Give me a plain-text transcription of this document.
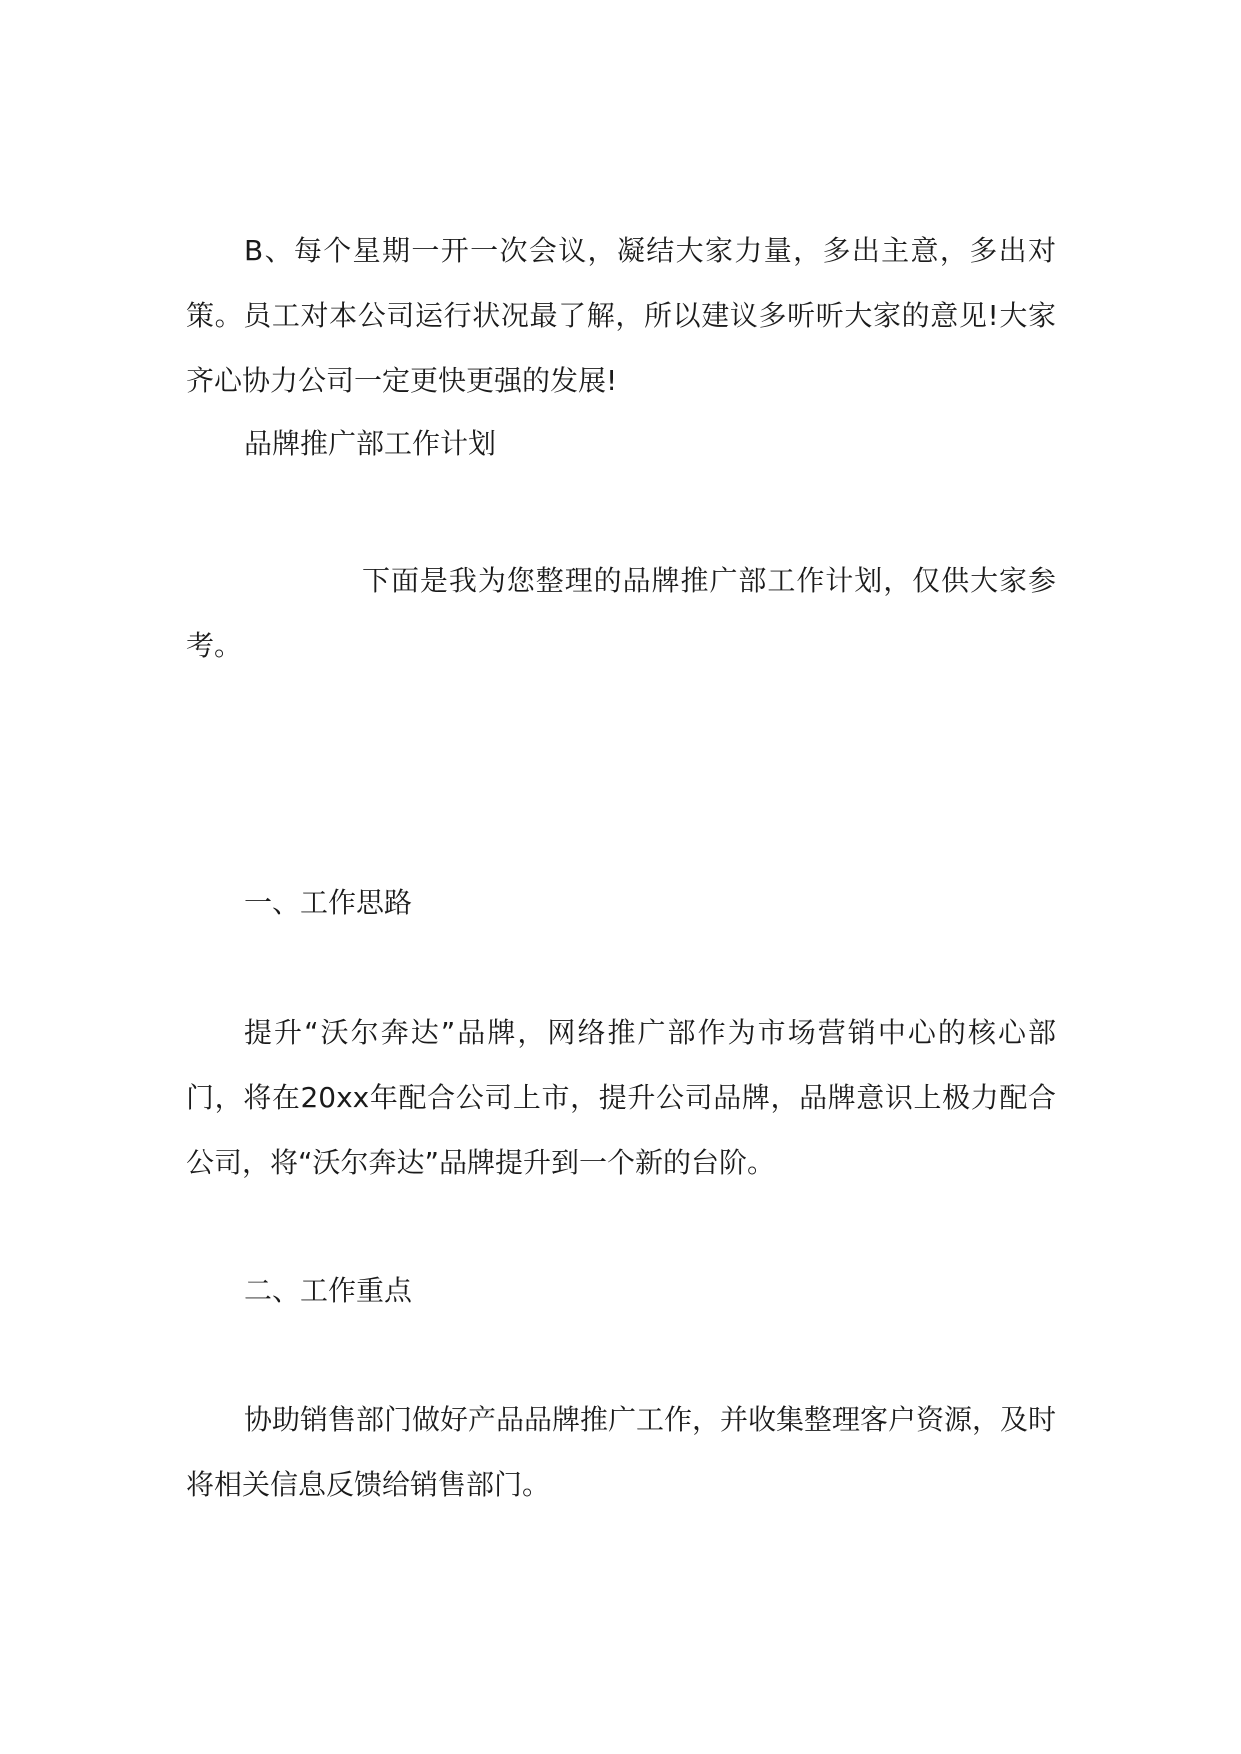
B、每个星期一开一次会议，凝结大家力量，多出主意，多出对策。员工对本公司运行状况最了解，所以建议多听听大家的意见!大家齐心协力公司一定更快更强的发展!

品牌推广部工作计划

下面是我为您整理的品牌推广部工作计划，仅供大家参考。

一、工作思路

提升“沃尔奔达”品牌，网络推广部作为市场营销中心的核心部门，将在20xx年配合公司上市，提升公司品牌，品牌意识上极力配合公司，将“沃尔奔达”品牌提升到一个新的台阶。

二、工作重点

协助销售部门做好产品品牌推广工作，并收集整理客户资源，及时将相关信息反馈给销售部门。
